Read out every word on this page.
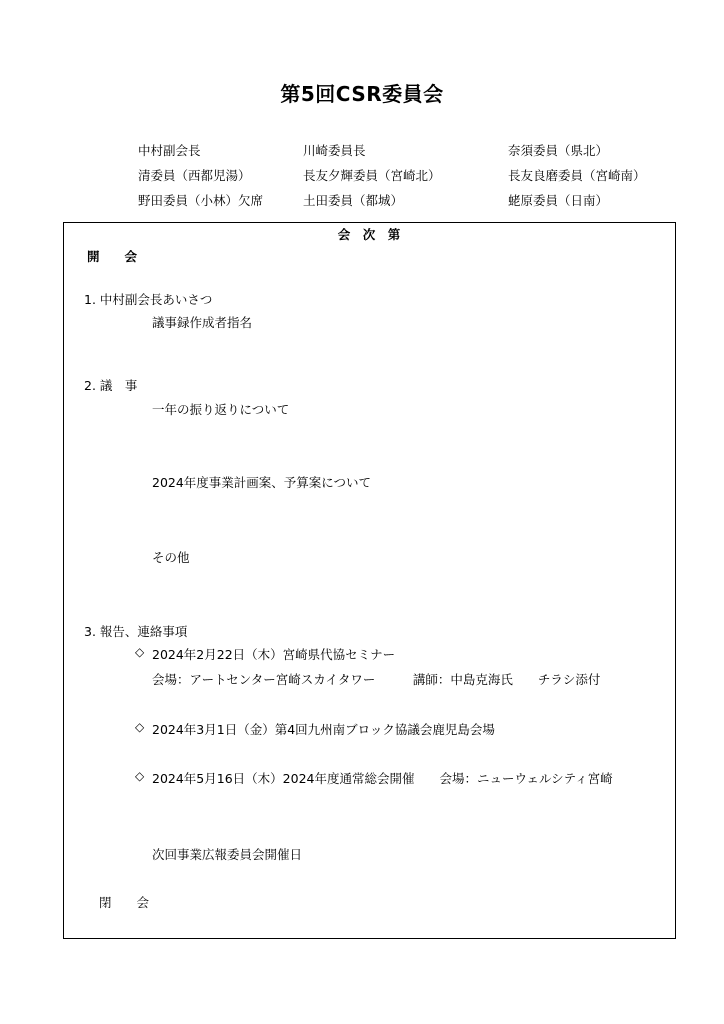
第5回CSR委員会
中村副会長	川崎委員長	奈須委員（県北）
清委員（西都児湯）	長友夕輝委員（宮崎北）	長友良磨委員（宮崎南）
野田委員（小林）欠席	土田委員（都城）	蛯原委員（日南）
会　次　第
開　　会
1. 中村副会長あいさつ
議事録作成者指名
2. 議　事
一年の振り返りについて
2024年度事業計画案、予算案について
その他
3. 報告、連絡事項
◇ 2024年2月22日（木）宮崎県代協セミナー
会場：アートセンター宮崎スカイタワー　　　講師：中島克海氏　　チラシ添付
◇ 2024年3月1日（金）第4回九州南ブロック協議会鹿児島会場
◇ 2024年5月16日（木）2024年度通常総会開催　　会場：ニューウェルシティ宮崎
次回事業広報委員会開催日
閉　　会
